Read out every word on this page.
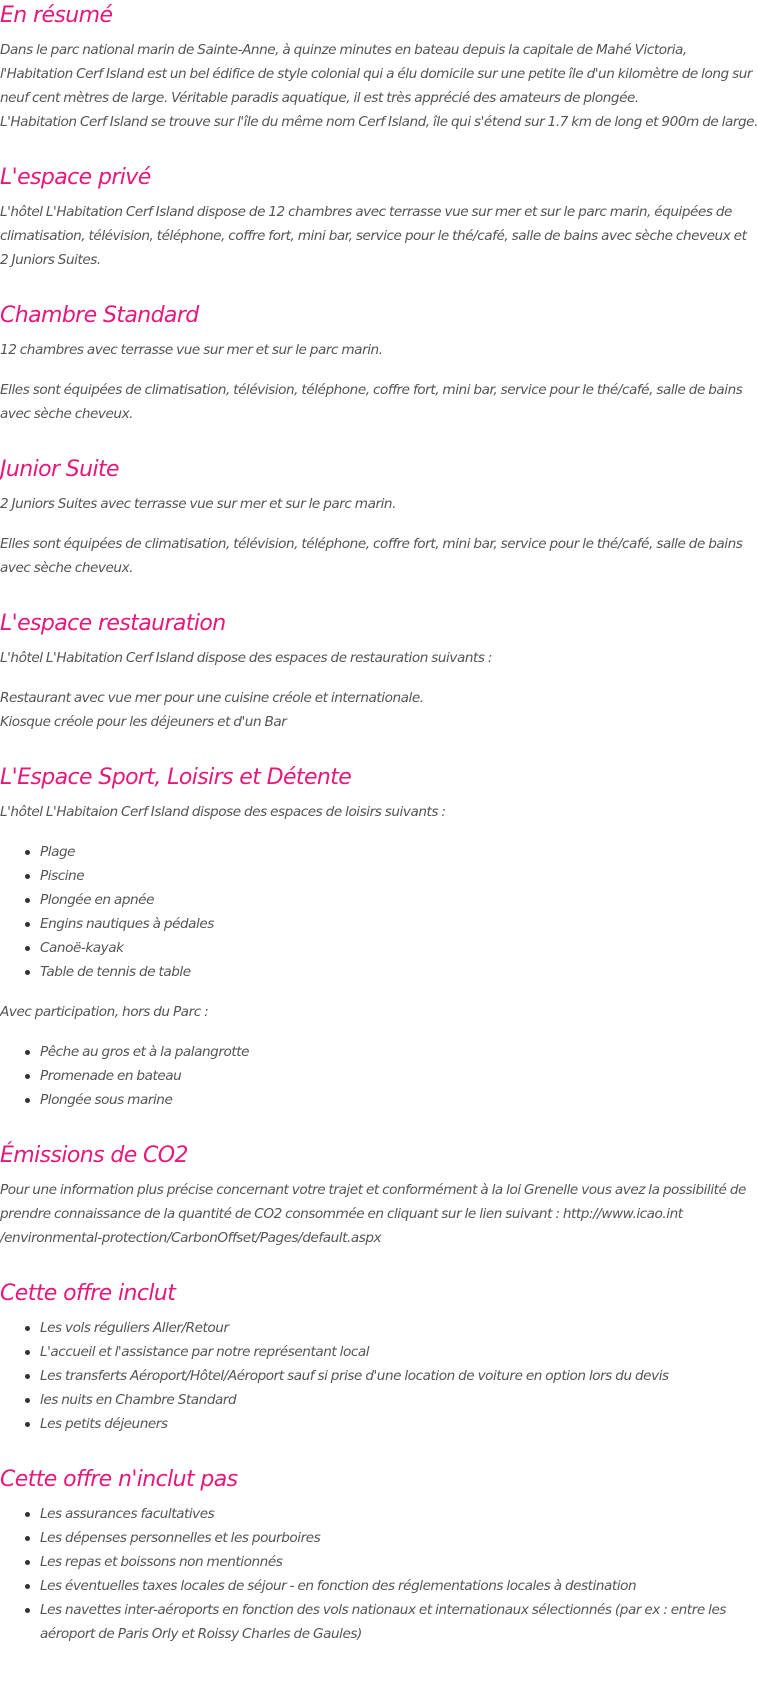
En résumé

Dans le parc national marin de Sainte-Anne, à quinze minutes en bateau depuis la capitale de Mahé Victoria, l'Habitation Cerf Island est un bel édifice de style colonial qui a élu domicile sur une petite île d'un kilomètre de long sur neuf cent mètres de large. Véritable paradis aquatique, il est très apprécié des amateurs de plongée.
L'Habitation Cerf Island se trouve sur l'île du même nom Cerf Island, île qui s'étend sur 1.7 km de long et 900m de large.

L'espace privé

L'hôtel L'Habitation Cerf Island dispose de 12 chambres avec terrasse vue sur mer et sur le parc marin, équipées de climatisation, télévision, téléphone, coffre fort, mini bar, service pour le thé/café, salle de bains avec sèche cheveux et 2 Juniors Suites.

Chambre Standard

12 chambres avec terrasse vue sur mer et sur le parc marin.

Elles sont équipées de climatisation, télévision, téléphone, coffre fort, mini bar, service pour le thé/café, salle de bains avec sèche cheveux.

Junior Suite

2 Juniors Suites avec terrasse vue sur mer et sur le parc marin.

Elles sont équipées de climatisation, télévision, téléphone, coffre fort, mini bar, service pour le thé/café, salle de bains avec sèche cheveux.

L'espace restauration

L'hôtel L'Habitation Cerf Island dispose des espaces de restauration suivants :

Restaurant avec vue mer pour une cuisine créole et internationale.
Kiosque créole pour les déjeuners et d'un Bar

L'Espace Sport, Loisirs et Détente

L'hôtel L'Habitaion Cerf Island dispose des espaces de loisirs suivants :

Plage
Piscine
Plongée en apnée
Engins nautiques à pédales
Canoë-kayak
Table de tennis de table

Avec participation, hors du Parc :

Pêche au gros et à la palangrotte
Promenade en bateau
Plongée sous marine
Émissions de CO2

Pour une information plus précise concernant votre trajet et conformément à la loi Grenelle vous avez la possibilité de prendre connaissance de la quantité de CO2 consommée en cliquant sur le lien suivant : http://www.icao.int /environmental-protection/CarbonOffset/Pages/default.aspx

Cette offre inclut
Les vols réguliers Aller/Retour
L'accueil et l'assistance par notre représentant local
Les transferts Aéroport/Hôtel/Aéroport sauf si prise d'une location de voiture en option lors du devis
les nuits en Chambre Standard
Les petits déjeuners
Cette offre n'inclut pas
Les assurances facultatives
Les dépenses personnelles et les pourboires
Les repas et boissons non mentionnés
Les éventuelles taxes locales de séjour - en fonction des réglementations locales à destination
Les navettes inter-aéroports en fonction des vols nationaux et internationaux sélectionnés (par ex : entre les aéroport de Paris Orly et Roissy Charles de Gaules)
